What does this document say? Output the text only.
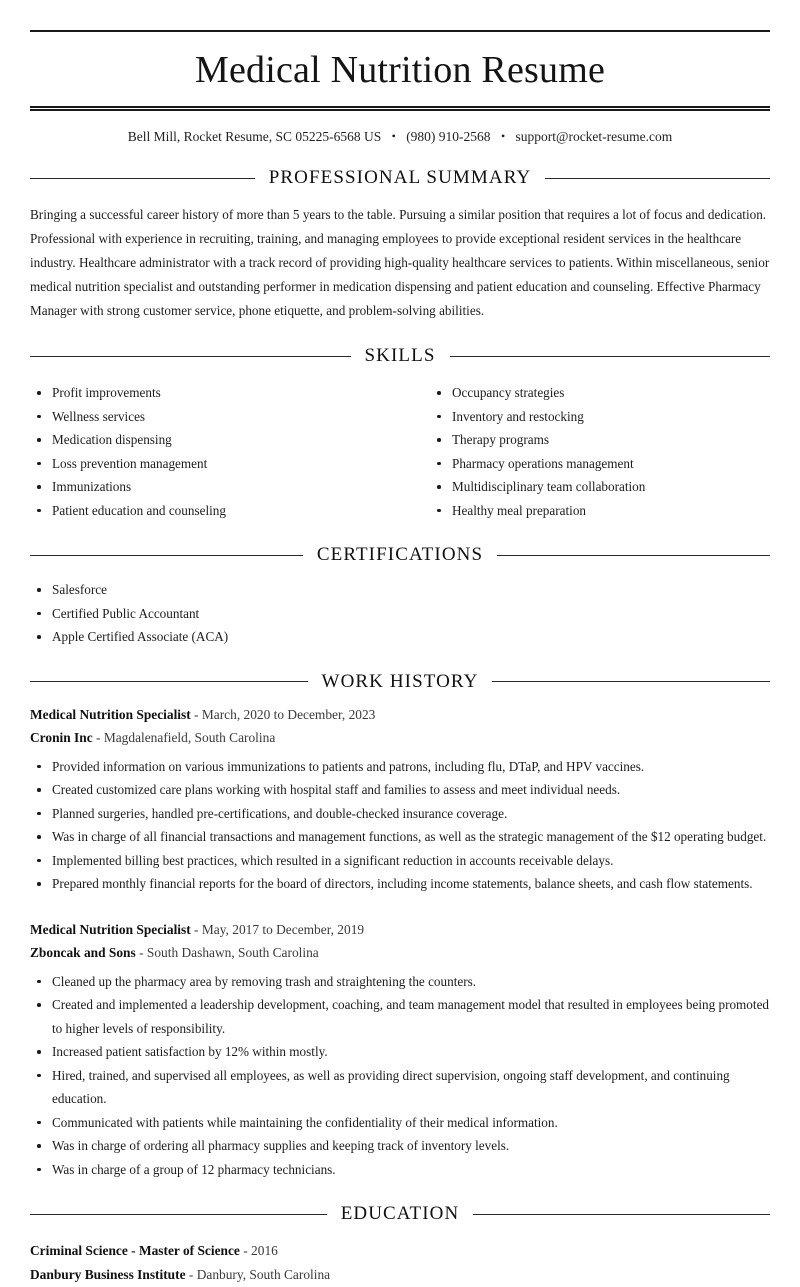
Medical Nutrition Resume
Bell Mill, Rocket Resume, SC 05225-6568 US • (980) 910-2568 • support@rocket-resume.com
PROFESSIONAL SUMMARY

Bringing a successful career history of more than 5 years to the table. Pursuing a similar position that requires a lot of focus and dedication. Professional with experience in recruiting, training, and managing employees to provide exceptional resident services in the healthcare industry. Healthcare administrator with a track record of providing high-quality healthcare services to patients. Within miscellaneous, senior medical nutrition specialist and outstanding performer in medication dispensing and patient education and counseling. Effective Pharmacy Manager with strong customer service, phone etiquette, and problem-solving abilities.

SKILLS
Profit improvements
Wellness services
Medication dispensing
Loss prevention management
Immunizations
Patient education and counseling
Occupancy strategies
Inventory and restocking
Therapy programs
Pharmacy operations management
Multidisciplinary team collaboration
Healthy meal preparation
CERTIFICATIONS
Salesforce
Certified Public Accountant
Apple Certified Associate (ACA)
WORK HISTORY
Medical Nutrition Specialist - March, 2020 to December, 2023
Cronin Inc - Magdalenafield, South Carolina
Provided information on various immunizations to patients and patrons, including flu, DTaP, and HPV vaccines.
Created customized care plans working with hospital staff and families to assess and meet individual needs.
Planned surgeries, handled pre-certifications, and double-checked insurance coverage.
Was in charge of all financial transactions and management functions, as well as the strategic management of the $12 operating budget.
Implemented billing best practices, which resulted in a significant reduction in accounts receivable delays.
Prepared monthly financial reports for the board of directors, including income statements, balance sheets, and cash flow statements.
Medical Nutrition Specialist - May, 2017 to December, 2019
Zboncak and Sons - South Dashawn, South Carolina
Cleaned up the pharmacy area by removing trash and straightening the counters.
Created and implemented a leadership development, coaching, and team management model that resulted in employees being promoted to higher levels of responsibility.
Increased patient satisfaction by 12% within mostly.
Hired, trained, and supervised all employees, as well as providing direct supervision, ongoing staff development, and continuing education.
Communicated with patients while maintaining the confidentiality of their medical information.
Was in charge of ordering all pharmacy supplies and keeping track of inventory levels.
Was in charge of a group of 12 pharmacy technicians.
EDUCATION
Criminal Science - Master of Science - 2016
Danbury Business Institute - Danbury, South Carolina
